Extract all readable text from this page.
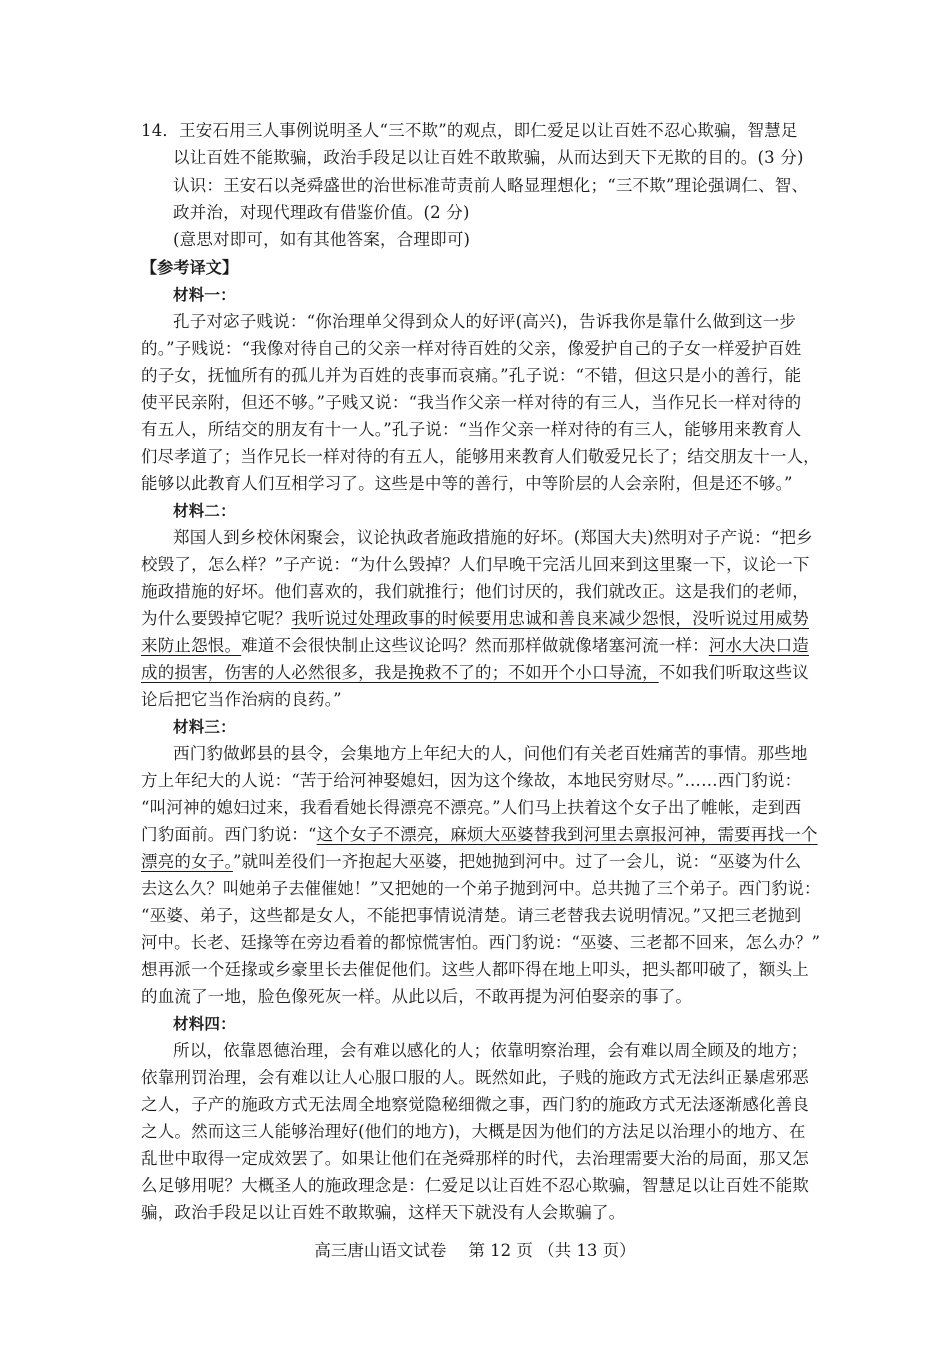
14．王安石用三人事例说明圣人“三不欺”的观点，即仁爱足以让百姓不忍心欺骗，智慧足
以让百姓不能欺骗，政治手段足以让百姓不敢欺骗，从而达到天下无欺的目的。(3 分)
认识：王安石以尧舜盛世的治世标准苛责前人略显理想化；“三不欺”理论强调仁、智、
政并治，对现代理政有借鉴价值。(2 分)
(意思对即可，如有其他答案，合理即可)
【参考译文】
材料一：
孔子对宓子贱说：“你治理单父得到众人的好评(高兴)，告诉我你是靠什么做到这一步
的。”子贱说：“我像对待自己的父亲一样对待百姓的父亲，像爱护自己的子女一样爱护百姓
的子女，抚恤所有的孤儿并为百姓的丧事而哀痛。”孔子说：“不错，但这只是小的善行，能
使平民亲附，但还不够。”子贱又说：“我当作父亲一样对待的有三人，当作兄长一样对待的
有五人，所结交的朋友有十一人。”孔子说：“当作父亲一样对待的有三人，能够用来教育人
们尽孝道了；当作兄长一样对待的有五人，能够用来教育人们敬爱兄长了；结交朋友十一人，
能够以此教育人们互相学习了。这些是中等的善行，中等阶层的人会亲附，但是还不够。”
材料二：
郑国人到乡校休闲聚会，议论执政者施政措施的好坏。(郑国大夫)然明对子产说：“把乡
校毁了，怎么样？”子产说：“为什么毁掉？人们早晚干完活儿回来到这里聚一下，议论一下
施政措施的好坏。他们喜欢的，我们就推行；他们讨厌的，我们就改正。这是我们的老师，
为什么要毁掉它呢？我听说过处理政事的时候要用忠诚和善良来减少怨恨，没听说过用威势
来防止怨恨。难道不会很快制止这些议论吗？然而那样做就像堵塞河流一样：河水大决口造
成的损害，伤害的人必然很多，我是挽救不了的；不如开个小口导流，不如我们听取这些议
论后把它当作治病的良药。”
材料三：
西门豹做邺县的县令，会集地方上年纪大的人，问他们有关老百姓痛苦的事情。那些地
方上年纪大的人说：“苦于给河神娶媳妇，因为这个缘故，本地民穷财尽。”……西门豹说：
“叫河神的媳妇过来，我看看她长得漂亮不漂亮。”人们马上扶着这个女子出了帷帐，走到西
门豹面前。西门豹说：“这个女子不漂亮，麻烦大巫婆替我到河里去禀报河神，需要再找一个
漂亮的女子。”就叫差役们一齐抱起大巫婆，把她抛到河中。过了一会儿，说：“巫婆为什么
去这么久？叫她弟子去催催她！”又把她的一个弟子抛到河中。总共抛了三个弟子。西门豹说：
“巫婆、弟子，这些都是女人，不能把事情说清楚。请三老替我去说明情况。”又把三老抛到
河中。长老、廷掾等在旁边看着的都惊慌害怕。西门豹说：“巫婆、三老都不回来，怎么办？”
想再派一个廷掾或乡豪里长去催促他们。这些人都吓得在地上叩头，把头都叩破了，额头上
的血流了一地，脸色像死灰一样。从此以后，不敢再提为河伯娶亲的事了。
材料四：
所以，依靠恩德治理，会有难以感化的人；依靠明察治理，会有难以周全顾及的地方；
依靠刑罚治理，会有难以让人心服口服的人。既然如此，子贱的施政方式无法纠正暴虐邪恶
之人，子产的施政方式无法周全地察觉隐秘细微之事，西门豹的施政方式无法逐渐感化善良
之人。然而这三人能够治理好(他们的地方)，大概是因为他们的方法足以治理小的地方、在
乱世中取得一定成效罢了。如果让他们在尧舜那样的时代，去治理需要大治的局面，那又怎
么足够用呢？大概圣人的施政理念是：仁爱足以让百姓不忍心欺骗，智慧足以让百姓不能欺
骗，政治手段足以让百姓不敢欺骗，这样天下就没有人会欺骗了。
高三唐山语文试卷 第 12 页 （共 13 页）
